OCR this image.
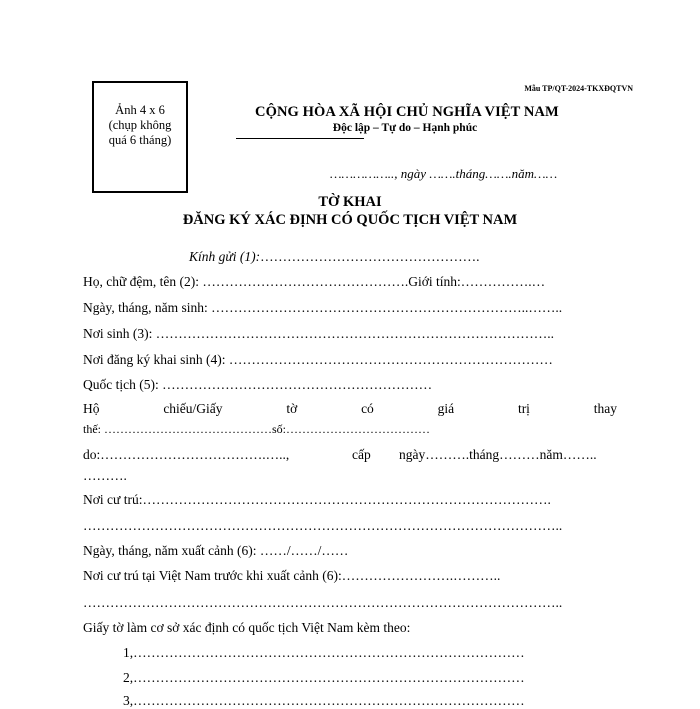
Ảnh 4 x 6
(chụp không
quá 6 tháng)
Mẫu TP/QT-2024-TKXĐQTVN
CỘNG HÒA XÃ HỘI CHỦ NGHĨA VIỆT NAM
Độc lập – Tự do – Hạnh phúc
…………….., ngày …….tháng…….năm……
TỜ KHAI
ĐĂNG KÝ XÁC ĐỊNH CÓ QUỐC TỊCH VIỆT NAM
Kính gửi (1):………………………………………….
Họ, chữ đệm, tên (2): ……………………………………….Giới tính:…………….…
Ngày, tháng, năm sinh: ……………………………………………………………..……..
Nơi sinh (3): ……………………………………………………………………………..
Nơi đăng ký khai sinh (4): ………………………………………………………………
Quốc tịch (5): ……………………………………………………
Hộ	chiếu/Giấy	tờ	có	giá	trị	thay
thế: ……………………………………số:………………………………
do:……………………………….…..,	cấp ngày……….tháng………năm……..
……….
Nơi cư trú:……………………………………………………………………………….
……………………………………………………………………………………………..
Ngày, tháng, năm xuất cảnh (6): ……/……/……
Nơi cư trú tại Việt Nam trước khi xuất cảnh (6):…………………….………..
……………………………………………………………………………………………..
Giấy tờ làm cơ sở xác định có quốc tịch Việt Nam kèm theo:
1,……………………………………………………………………………
2,……………………………………………………………………………
3,……………………………………………………………………………
